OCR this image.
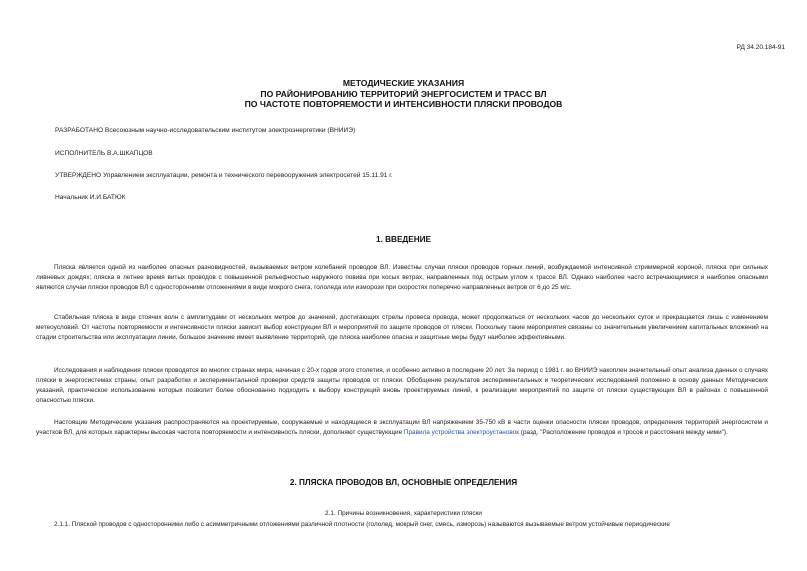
РД 34.20.184-91
МЕТОДИЧЕСКИЕ УКАЗАНИЯ
ПО РАЙОНИРОВАНИЮ ТЕРРИТОРИЙ ЭНЕРГОСИСТЕМ И ТРАСС ВЛ
ПО ЧАСТОТЕ ПОВТОРЯЕМОСТИ И ИНТЕНСИВНОСТИ ПЛЯСКИ ПРОВОДОВ
РАЗРАБОТАНО Всесоюзным научно-исследовательским институтом электроэнергетики (ВНИИЭ)
ИСПОЛНИТЕЛЬ В.А.ШКАПЦОВ
УТВЕРЖДЕНО Управлением эксплуатации, ремонта и технического перевооружения электросетей 15.11.91 г.
Начальник И.И.БАТЮК
1. ВВЕДЕНИЕ
Пляска является одной из наиболее опасных разновидностей, вызываемых ветром колебаний проводов ВЛ. Известны случаи пляски проводов горных линий, возбуждаемой интенсивной стриммерной короной, пляска при сильных ливневых дождях; пляска в летнее время витых проводов с повышенной рельефностью наружного повива при косых ветрах, направленных под острым углом к трассе ВЛ. Однако наиболее часто встречающимися и наиболее опасными являются случаи пляски проводов ВЛ с односторонними отложениями в виде мокрого снега, гололеда или изморози при скоростях поперечно направленных ветров от 6 до 25 м/с.
Стабильная пляска в виде стоячих волн с амплитудами от нескольких метров до значений, достигающих стрелы провеса провода, может продолжаться от нескольких часов до нескольких суток и прекращается лишь с изменением метеоусловий. От частоты повторяемости и интенсивности пляски зависит выбор конструкции ВЛ и мероприятий по защите проводов от пляски. Поскольку такие мероприятия связаны со значительным увеличением капитальных вложений на стадии строительства или эксплуатации линии, большое значение имеет выявление территорий, где пляска наиболее опасна и защитные меры будут наиболее эффективными.
Исследования и наблюдения пляски проводятся во многих странах мира, начиная с 20-х годов этого столетия, и особенно активно в последние 20 лет. За период с 1981 г. во ВНИИЭ накоплен значительный опыт анализа данных о случаях пляски в энергосистемах страны, опыт разработки и экспериментальной проверки средств защиты проводов от пляски. Обобщение результатов экспериментальных и теоретических исследований положено в основу данных Методических указаний, практическое использование которых позволит более обоснованно подходить к выбору конструкций вновь проектируемых линий, к реализации мероприятий по защите от пляски существующих ВЛ в районах с повышенной опасностью пляски.
Настоящие Методические указания распространяются на проектируемые, сооружаемые и находящиеся в эксплуатации ВЛ напряжением 35-750 кВ в части оценки опасности пляски проводов, определения территорий энергосистем и участков ВЛ, для которых характерны высокая частота повторяемости и интенсивность пляски, дополняют существующие Правила устройства электроустановок (разд. "Расположение проводов и тросов и расстояния между ними").
2. ПЛЯСКА ПРОВОДОВ ВЛ, ОСНОВНЫЕ ОПРЕДЕЛЕНИЯ
2.1. Причины возникновения, характеристики пляски
2.1.1. Пляской проводов с односторонними либо с асимметричными отложениями различной плотности (гололед, мокрый снег, смесь, изморозь) называются вызываемые ветром устойчивые периодические
